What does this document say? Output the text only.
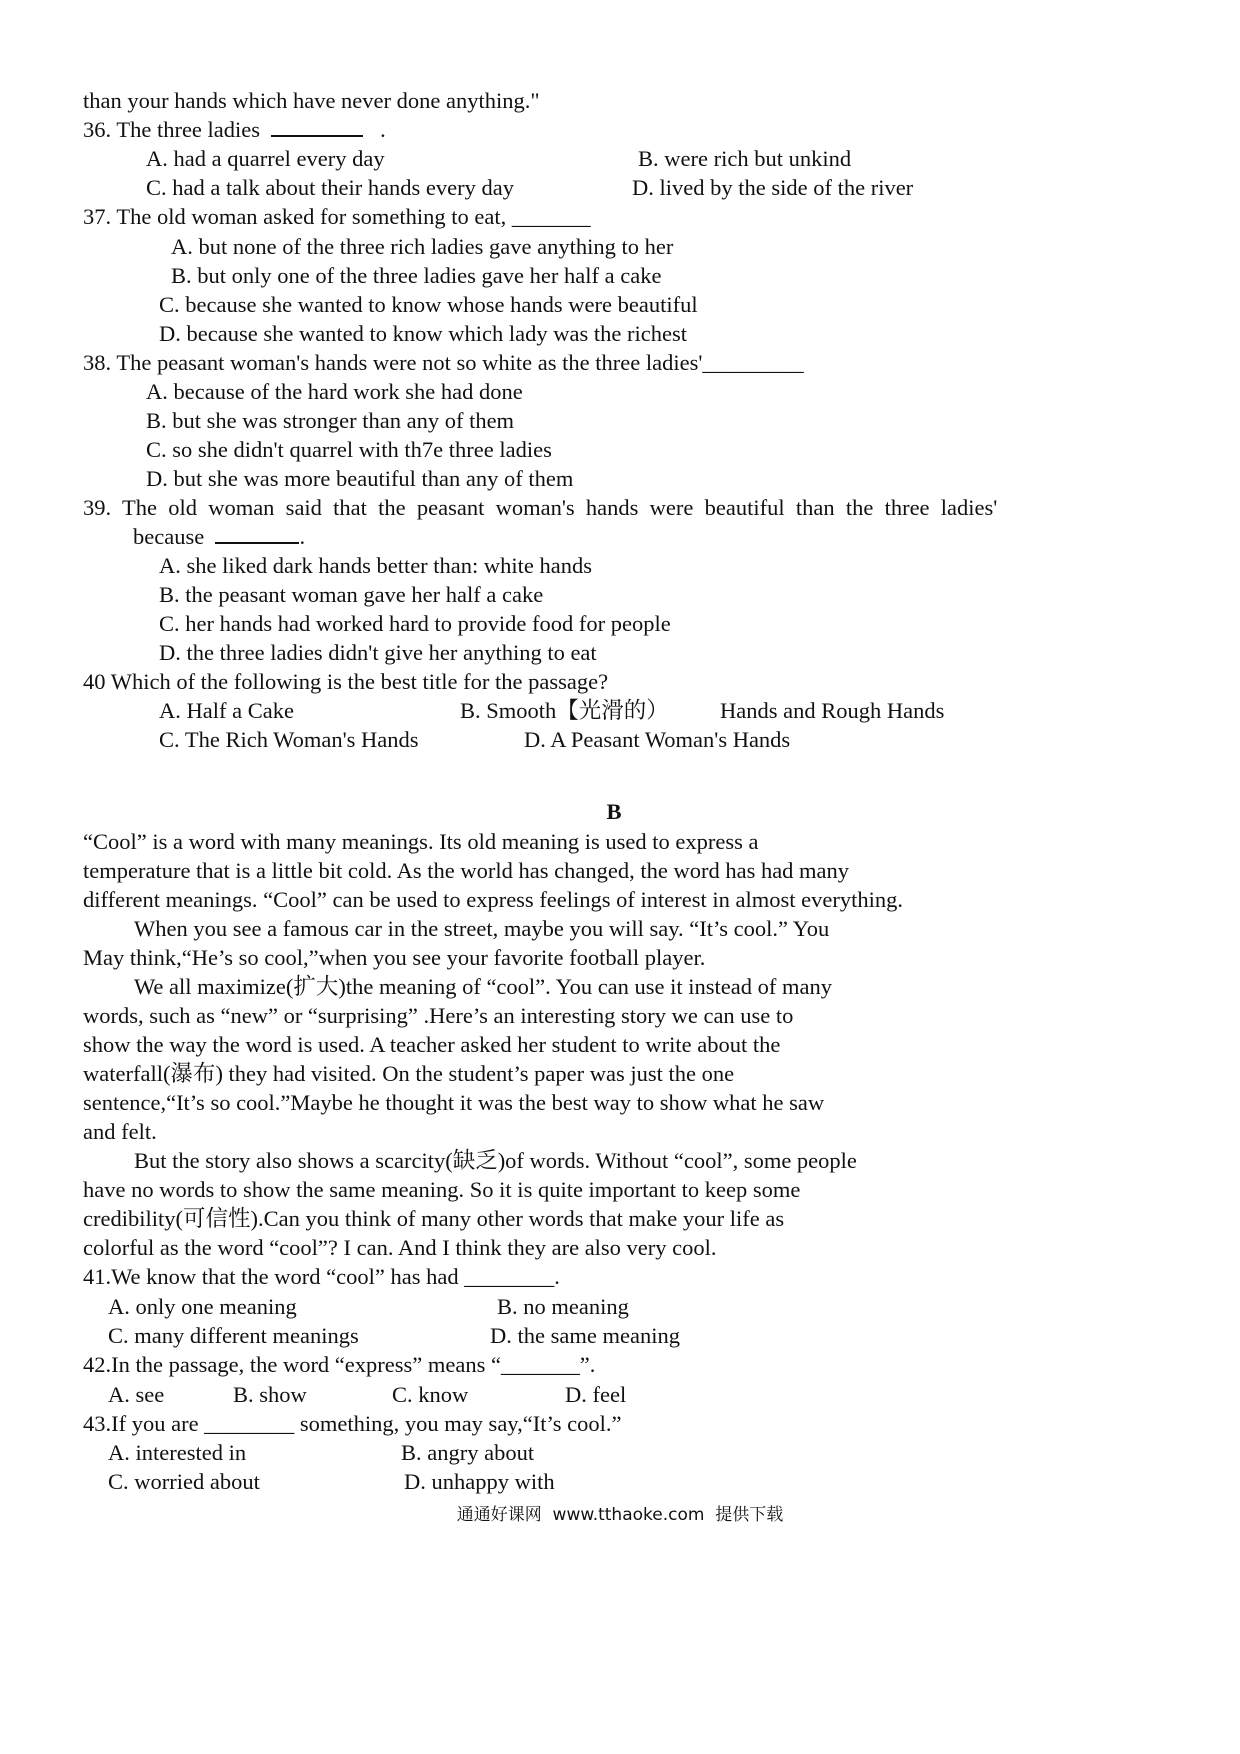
than your hands which have never done anything."
36. The three ladies	.
A. had a quarrel every day	B. were rich but unkind
C. had a talk about their hands every day	D. lived by the side of the river
37. The old woman asked for something to eat, _______
A. but none of the three rich ladies gave anything to her
B. but only one of the three ladies gave her half a cake
C. because she wanted to know whose hands were beautiful
D. because she wanted to know which lady was the richest
38. The peasant woman's hands were not so white as the three ladies'_________
A. because of the hard work she had done
B. but she was stronger than any of them
C. so she didn't quarrel with th7e three ladies
D. but she was more beautiful than any of them
39.  The  old  woman  said  that  the  peasant  woman's  hands  were  beautiful  than  the  three  ladies'
because	.
A. she liked dark hands better than: white hands
B. the peasant woman gave her half a cake
C. her hands had worked hard to provide food for people
D. the three ladies didn't give her anything to eat
40 Which of the following is the best title for the passage?
A. Half a Cake	B. Smooth【光滑的） Hands and Rough Hands
C. The Rich Woman's Hands	D. A Peasant Woman's Hands
B
“Cool” is a word with many meanings. Its old meaning is used to express a
temperature that is a little bit cold. As the world has changed, the word has had many
different meanings. “Cool” can be used to express feelings of interest in almost everything.
When you see a famous car in the street, maybe you will say. “It’s cool.” You
May think,“He’s so cool,”when you see your favorite football player.
We all maximize(扩大)the meaning of “cool”. You can use it instead of many
words, such as “new” or “surprising” .Here’s an interesting story we can use to
show the way the word is used. A teacher asked her student to write about the
waterfall(瀑布) they had visited. On the student’s paper was just the one
sentence,“It’s so cool.”Maybe he thought it was the best way to show what he saw
and felt.
But the story also shows a scarcity(缺乏)of words. Without “cool”, some people
have no words to show the same meaning. So it is quite important to keep some
credibility(可信性).Can you think of many other words that make your life as
colorful as the word “cool”? I can. And I think they are also very cool.
41.We know that the word “cool” has had ________.
A. only one meaning	B. no meaning
C. many different meanings	D. the same meaning
42.In the passage, the word “express” means “_______”.
A. see	B. show	C. know	D. feel
43.If you are ________ something, you may say,“It’s cool.”
A. interested in	B. angry about
C. worried about	D. unhappy with
通通好课网  www.tthaoke.com  提供下载
